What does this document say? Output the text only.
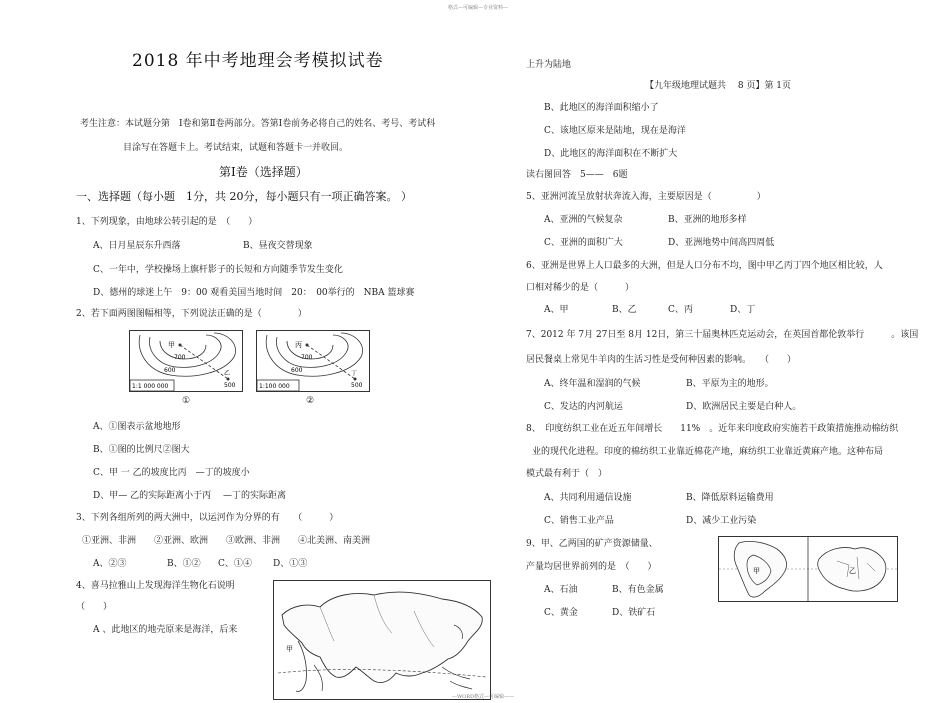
格式—可编辑—专业资料—
2018 年中考地理会考模拟试卷
考生注意：本试题分第　Ⅰ卷和第Ⅱ卷两部分。答第Ⅰ卷前务必将自己的姓名、考号、考试科
目涂写在答题卡上。考试结束，试题和答题卡一并收回。
第Ⅰ卷（选择题）
一、选择题（每小题　1分，共 20分，每小题只有一项正确答案。 ）
1、下列现象，由地球公转引起的是　（　　）
A、日月星辰东升西落	B、昼夜交替现象
C、一年中，学校操场上旗杆影子的长短和方向随季节发生变化
D、德州的球迷上午　9：00 观看美国当地时间　20：　00举行的　NBA 篮球赛
2、若下面两图图幅相等，下列说法正确的是（　　　　）
甲
乙
700
600
500
1:1 000 000
①
丙
丁
700
600
500
1:100 000
②
A、①图表示盆地地形
B、①图的比例尺②图大
C、甲 一 乙的坡度比丙　—丁的坡度小
D、甲— 乙的实际距离小于丙　 —丁的实际距离
3、下列各组所列的两大洲中，以运河作为分界的有　　（　　　）
①亚洲、非洲　　②亚洲、欧洲　　③欧洲、非洲　　④北美洲、南美洲
A、②③	B、①② C、①④ D、①③
4、喜马拉雅山上发现海洋生物化石说明
（　　）
A 、此地区的地壳原来是海洋，后来
甲
上升为陆地
【九年级地理试题共　 8 页】第 1页
B、此地区的海洋面积缩小了
C、该地区原来是陆地，现在是海洋
D、此地区的海洋面积在不断扩大
读右图回答　5——　6题
5、亚洲河流呈放射状奔流入海，主要原因是（　　　　　）
A、亚洲的气候复杂	B、亚洲的地形多样
C、亚洲的面积广大	D、亚洲地势中间高四周低
6、亚洲是世界上人口最多的大洲，但是人口分布不均，图中甲乙丙丁四个地区相比较，人
口相对稀少的是（　　　）
A、甲	B、乙	C、丙	D、丁
7、2012 年 7月 27日至 8月 12日，第三十届奥林匹克运动会，在英国首都伦敦举行　　　。该国
居民餐桌上常见牛羊肉的生活习性是受何种因素的影响。　　（　　）
A、终年温和湿润的气候	B、平原为主的地形。
C、发达的内河航运	D、欧洲居民主要是白种人。
8、　印度纺织工业在近五年间增长　　11%　。近年来印度政府实施若干政策措施推动棉纺织
业的现代化进程。印度的棉纺织工业靠近棉花产地，麻纺织工业靠近黄麻产地。这种布局
模式最有利于（　）
A、共同利用通信设施	B、降低原料运输费用
C、销售工业产品	D、减少工业污染
9、甲、乙两国的矿产资源储量、
产量均居世界前列的是　（　　）
A、石油	B、有色金属
C、黄金	D、铁矿石
甲	乙
—WORD格式—可编辑——
